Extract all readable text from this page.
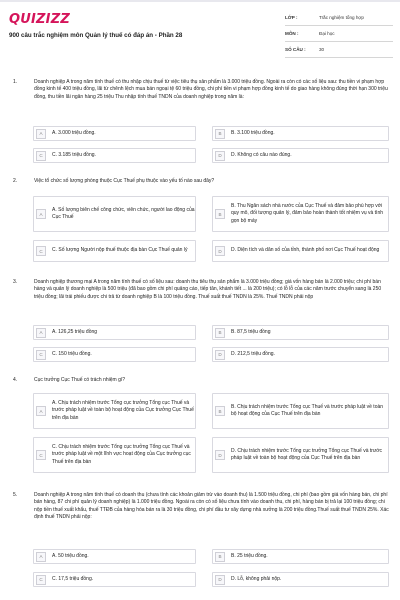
QUIZIZZ
900 câu trắc nghiệm môn Quản lý thuế có đáp án - Phần 28
LỚP :	Trắc nghiệm tổng hợp
MÔN :	Đại học
SỐ CÂU :	30
1.	Doanh nghiệp A trong năm tính thuế có thu nhập chịu thuế từ việc tiêu thụ sản phẩm là 3.000 triệu đồng. Ngoài ra còn có các số liệu sau: thu tiền vi phạm hợp đồng kinh tế 400 triệu đồng, lãi từ chênh lệch mua bán ngoại tệ 60 triệu đồng, chi phí tiền vi phạm hợp đồng kinh tế do giao hàng không đúng thời hạn 300 triệu đồng, thu tiền lãi ngân hàng 25 triệu Thu nhập tính thuế TNDN của doanh nghiệp trong năm là:
A	A. 3.000 triệu đồng.	B	B. 3.100 triệu đồng.
C	C. 3.185 triệu đồng.	D	D. Không có câu nào đúng.
2.	Việc tổ chức số lượng phòng thuộc Cục Thuế phụ thuộc vào yếu tố nào sau đây?
A
A. Số lượng biên chế công chức, viên chức, người lao động của Cục Thuế	B
B. Thu Ngân sách nhà nước của Cục Thuế và đảm bảo phù hợp với quy mô, đối tượng quản lý, đảm bảo hoàn thành tốt nhiệm vụ và tình gọn bộ máy
C	C. Số lượng Người nộp thuế thuộc địa bàn Cục Thuế quản lý	D	D. Diện tích và dân số của tỉnh, thành phố nơi Cục Thuế hoạt động
3.	Doanh nghiệp thương mại A trong năm tính thuế có số liệu sau: doanh thu tiêu thụ sản phẩm là 3.000 triệu đồng; giá vốn hàng bán là 2.000 triệu; chi phí bán hàng và quản lý doanh nghiệp là 500 triệu (đã bao gồm chi phí quảng cáo, tiếp tân, khánh tiết ... là 200 triệu); có lỗ lỗ của các năm trước chuyển sang là 250 triệu đồng; lãi trái phiếu được chi trả từ doanh nghiệp B là 100 triệu đồng. Thuế suất thuế TNDN là 25%. Thuế TNDN phải nộp
A	A. 126,25 triệu đồng	B	B. 87,5 triệu đồng
C	C. 150 triệu đồng.	D	D. 212,5 triệu đồng.
4.	Cục trưởng Cục Thuế có trách nhiệm gì?
A
A. Chịu trách nhiệm trước Tổng cục trưởng Tổng cục Thuế và trước pháp luật về toàn bộ hoạt động của Cục trưởng Cục Thuế trên địa bàn
B
B. Chịu trách nhiệm trước Tổng cục Thuế và trước pháp luật về toàn bộ hoạt động của Cục Thuế trên địa bàn
C
C. Chịu trách nhiệm trước Tổng cục trưởng Tổng cục Thuế và trước pháp luật về một lĩnh vực hoạt động của Cục trưởng cục Thuế trên địa bàn
D
D. Chịu trách nhiệm trước Tổng cục trưởng Tổng cục Thuế và trước pháp luật về toàn bộ hoạt động của Cục Thuế trên địa bàn
5.	Doanh nghiệp A trong năm tính thuế có doanh thu (chưa tính các khoản giảm trừ vào doanh thu) là 1.500 triệu đồng, chi phí (bao gồm giá vốn hàng bán, chi phí bán hàng, 87 chi phí quản lý doanh nghiệp) là 1.000 triệu đồng. Ngoài ra còn có số liệu chưa tính vào doanh thu, chi phí, hàng bán bị trả lại 100 triệu đồng; chi nộp tiền thuế xuất khẩu, thuế TTĐB của hàng hóa bán ra là 30 triệu đồng, chi phí đầu tư xây dựng nhà xưởng là 200 triệu đồng.Thuế suất thuế TNDN 25%. Xác định thuế TNDN phải nộp:
A	A. 50 triệu đồng.	B	B. 25 triệu đồng.
C	C. 17,5 triệu đồng.	D	D. Lỗ, không phải nộp.
